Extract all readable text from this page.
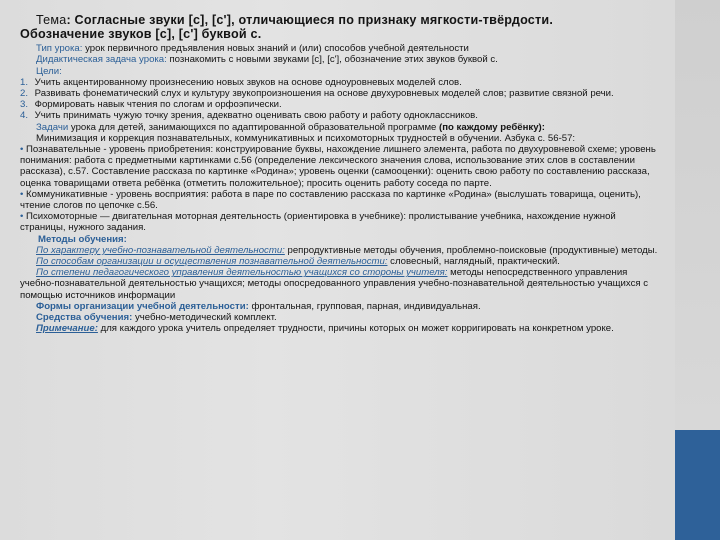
Тема: Согласные звуки [с], [с'], отличающиеся по признаку мягкости-твёрдости.
Обозначение звуков [с], [с'] буквой с.

Тип урока: урок первичного предъявления новых знаний и (или) способов учебной деятельности

Дидактическая задача урока: познакомить с новыми звуками [с], [с'], обозначение этих звуков буквой с.

Цели:

1. Учить акцентированному произнесению новых звуков на основе одноуровневых моделей слов.

2. Развивать фонематический слух и культуру звукопроизношения на основе двухуровневых моделей слов; развитие связной речи.

3. Формировать навык чтения по слогам и орфоэпически.

4. Учить принимать чужую точку зрения, адекватно оценивать свою работу и работу одноклассников.

Задачи урока для детей, занимающихся по адаптированной образовательной программе (по каждому ребёнку):

Минимизация и коррекция познавательных, коммуникативных и психомоторных трудностей в обучении. Азбука с. 56-57:

• Познавательные - уровень приобретения: конструирование буквы, нахождение лишнего элемента, работа по двухуровневой схеме; уровень понимания: работа с предметными картинками с.56 (определение лексического значения слова, использование этих слов в составлении рассказа), с.57. Составление рассказа по картинке «Родина»; уровень оценки (самооценки): оценить свою работу по составлению рассказа, оценка товарищами ответа ребёнка (отметить положительное); просить оценить работу соседа по парте.

• Коммуникативные - уровень восприятия: работа в паре по составлению рассказа по картинке «Родина» (выслушать товарища, оценить), чтение слогов по цепочке с.56.

• Психомоторные — двигательная моторная деятельность (ориентировка в учебнике): пролистывание учебника, нахождение нужной страницы, нужного задания.

Методы обучения:

По характеру учебно-познавательной деятельности: репродуктивные методы обучения, проблемно-поисковые (продуктивные) методы.

По способам организации и осуществления познавательной деятельности: словесный, наглядный, практический.

По степени педагогического управления деятельностью учащихся со стороны учителя: методы непосредственного управления учебно-познавательной деятельностью учащихся; методы опосредованного управления учебно-познавательной деятельностью учащихся с помощью источников информации

Формы организации учебной деятельности: фронтальная, групповая, парная, индивидуальная.

Средства обучения: учебно-методический комплект.

Примечание: для каждого урока учитель определяет трудности, причины которых он может корригировать на конкретном уроке.
